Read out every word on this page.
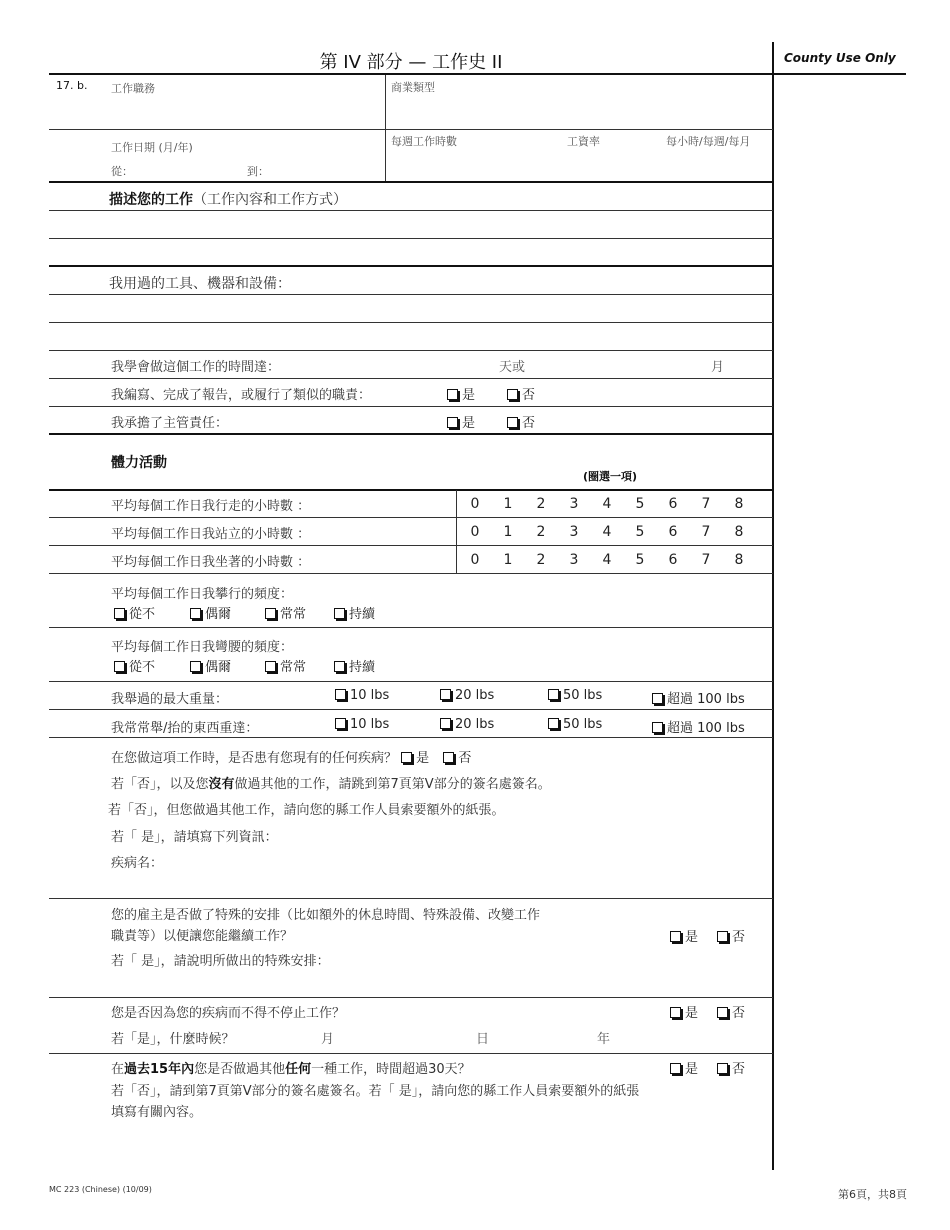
第 IV 部分 — 工作史 II	County Use Only
17. b. 工作職務	商業類型
工作日期 (月/年)
從：	到：
每週工作時數	工資率	每小時/每週/每月
描述您的工作（工作內容和工作方式）
我用過的工具、機器和設備：
我學會做這個工作的時間達：	天或	月
我編寫、完成了報告，或履行了類似的職責：	是	否
我承擔了主管責任：	是	否
體力活動
(圈選一項)
平均每個工作日我行走的小時數 ：	0	1	2	3	4	5	6	7	8
平均每個工作日我站立的小時數 ：	0	1	2	3	4	5	6	7	8
平均每個工作日我坐著的小時數 ：	0	1	2	3	4	5	6	7	8
平均每個工作日我攀行的頻度：
從不	偶爾	常常	持續
平均每個工作日我彎腰的頻度：
從不	偶爾	常常	持續
我舉過的最大重量：	10 lbs	20 lbs	50 lbs	超過 100 lbs
我常常舉/抬的東西重達：	10 lbs	20 lbs	50 lbs	超過 100 lbs
在您做這項工作時，是否患有您現有的任何疾病？ 是 否
若「否」，以及您沒有做過其他的工作，請跳到第7頁第V部分的簽名處簽名。
若「否」，但您做過其他工作，請向您的縣工作人員索要額外的紙張。
若「 是」，請填寫下列資訊：
疾病名：
您的雇主是否做了特殊的安排（比如額外的休息時間、特殊設備、改變工作
職責等）以便讓您能繼續工作？	是	否
若「 是」，請說明所做出的特殊安排：
您是否因為您的疾病而不得不停止工作？	是	否
若「是」，什麼時候？	月	日	年
在過去15年內您是否做過其他任何一種工作，時間超過30天？	是	否
若「否」，請到第7頁第V部分的簽名處簽名。若「 是」，請向您的縣工作人員索要額外的紙張
填寫有關內容。
MC 223 (Chinese) (10/09)	第6頁，共8頁
